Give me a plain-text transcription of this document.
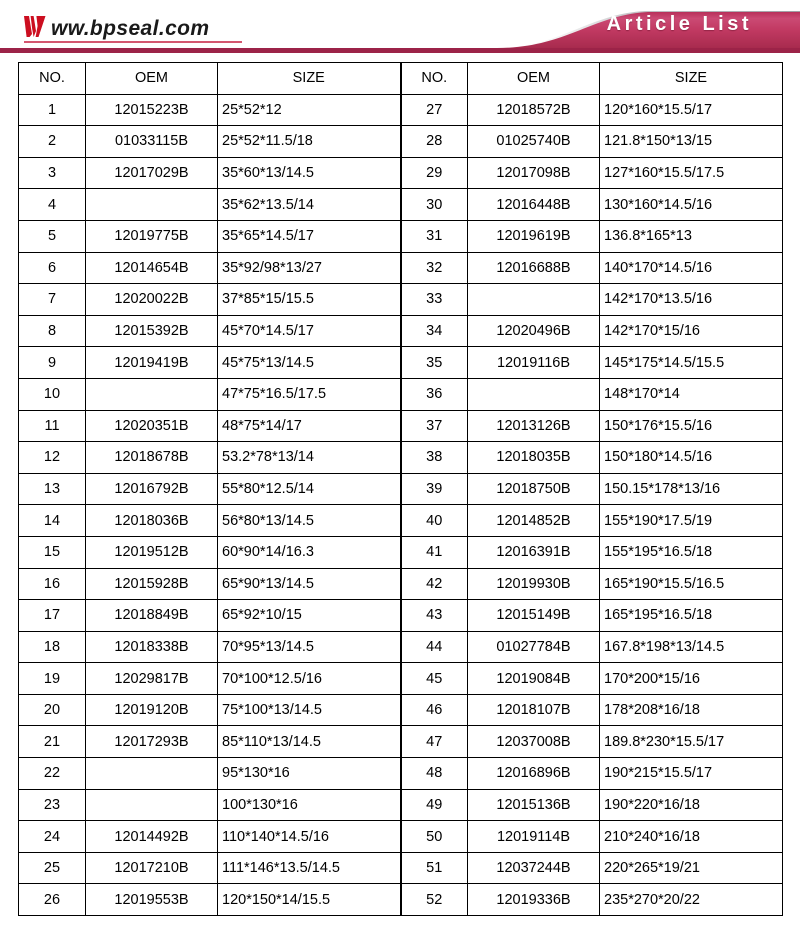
ww.bpseal.com	Article List
NO.	OEM	SIZE	NO.	OEM	SIZE
1	12015223B	25*52*12	27	12018572B	120*160*15.5/17
2	01033115B	25*52*11.5/18	28	01025740B	121.8*150*13/15
3	12017029B	35*60*13/14.5	29	12017098B	127*160*15.5/17.5
4		35*62*13.5/14	30	12016448B	130*160*14.5/16
5	12019775B	35*65*14.5/17	31	12019619B	136.8*165*13
6	12014654B	35*92/98*13/27	32	12016688B	140*170*14.5/16
7	12020022B	37*85*15/15.5	33		142*170*13.5/16
8	12015392B	45*70*14.5/17	34	12020496B	142*170*15/16
9	12019419B	45*75*13/14.5	35	12019116B	145*175*14.5/15.5
10		47*75*16.5/17.5	36		148*170*14
11	12020351B	48*75*14/17	37	12013126B	150*176*15.5/16
12	12018678B	53.2*78*13/14	38	12018035B	150*180*14.5/16
13	12016792B	55*80*12.5/14	39	12018750B	150.15*178*13/16
14	12018036B	56*80*13/14.5	40	12014852B	155*190*17.5/19
15	12019512B	60*90*14/16.3	41	12016391B	155*195*16.5/18
16	12015928B	65*90*13/14.5	42	12019930B	165*190*15.5/16.5
17	12018849B	65*92*10/15	43	12015149B	165*195*16.5/18
18	12018338B	70*95*13/14.5	44	01027784B	167.8*198*13/14.5
19	12029817B	70*100*12.5/16	45	12019084B	170*200*15/16
20	12019120B	75*100*13/14.5	46	12018107B	178*208*16/18
21	12017293B	85*110*13/14.5	47	12037008B	189.8*230*15.5/17
22		95*130*16	48	12016896B	190*215*15.5/17
23		100*130*16	49	12015136B	190*220*16/18
24	12014492B	110*140*14.5/16	50	12019114B	210*240*16/18
25	12017210B	111*146*13.5/14.5	51	12037244B	220*265*19/21
26	12019553B	120*150*14/15.5	52	12019336B	235*270*20/22
